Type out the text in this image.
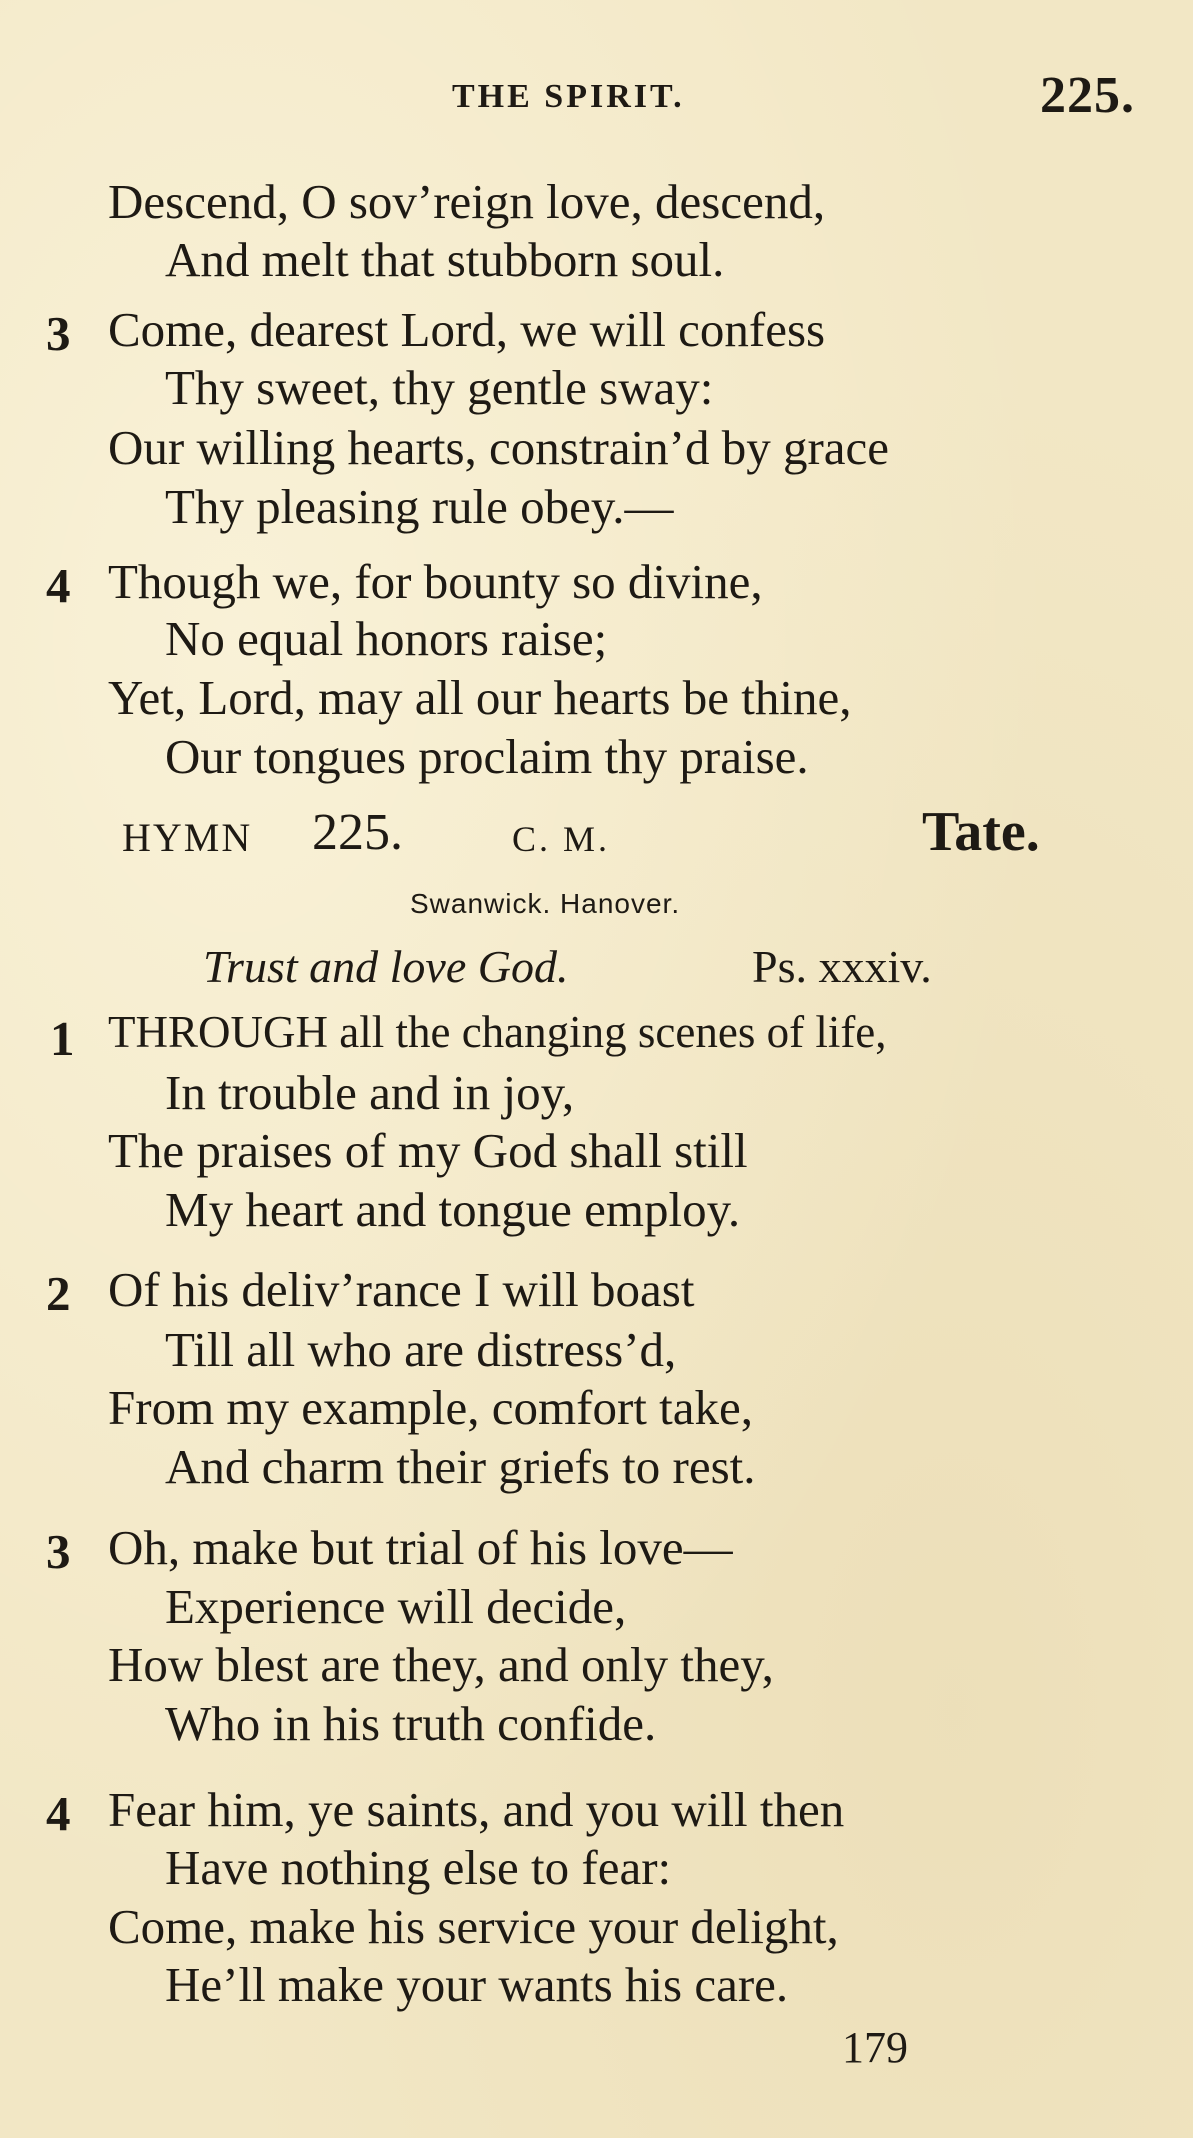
THE SPIRIT.	225.
Descend, O sov’reign love, descend,
And melt that stubborn soul.
3 Come, dearest Lord, we will confess
Thy sweet, thy gentle sway:
Our willing hearts, constrain’d by grace
Thy pleasing rule obey.—
4 Though we, for bounty so divine,
No equal honors raise;
Yet, Lord, may all our hearts be thine,
Our tongues proclaim thy praise.
HYMN 225.	C. M.	Tate.
Swanwick. Hanover.
Trust and love God.	Ps. xxxiv.
1 THROUGH all the changing scenes of life,
In trouble and in joy,
The praises of my God shall still
My heart and tongue employ.
2 Of his deliv’rance I will boast
Till all who are distress’d,
From my example, comfort take,
And charm their griefs to rest.
3 Oh, make but trial of his love—
Experience will decide,
How blest are they, and only they,
Who in his truth confide.
4 Fear him, ye saints, and you will then
Have nothing else to fear:
Come, make his service your delight,
He’ll make your wants his care.
179
